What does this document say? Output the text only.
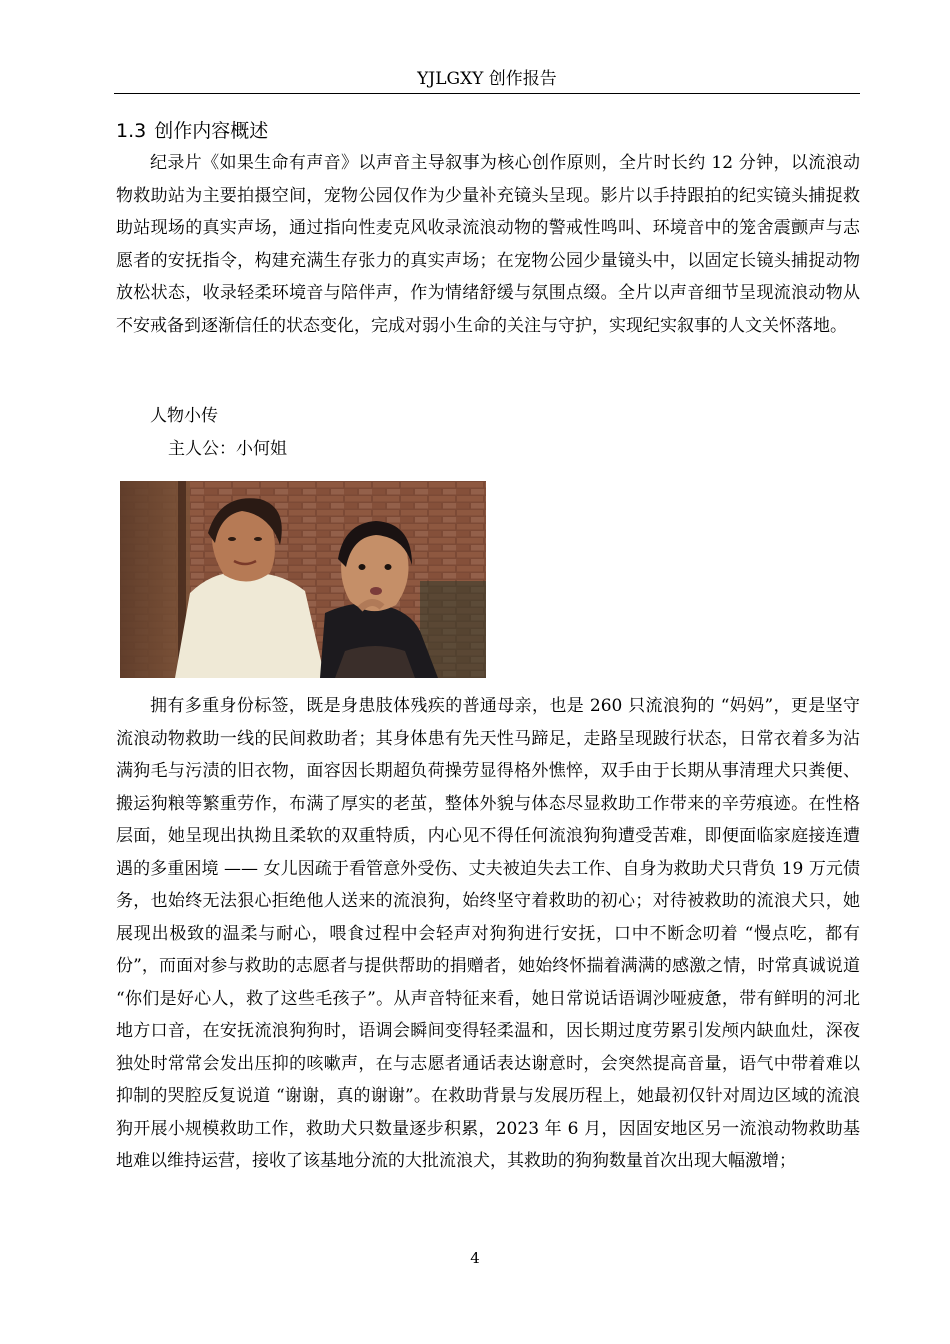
YJLGXY 创作报告
1.3 创作内容概述

纪录片《如果生命有声音》以声音主导叙事为核心创作原则，全片时长约 12 分钟，以流浪动物救助站为主要拍摄空间，宠物公园仅作为少量补充镜头呈现。影片以手持跟拍的纪实镜头捕捉救助站现场的真实声场，通过指向性麦克风收录流浪动物的警戒性鸣叫、环境音中的笼舍震颤声与志愿者的安抚指令，构建充满生存张力的真实声场；在宠物公园少量镜头中，以固定长镜头捕捉动物放松状态，收录轻柔环境音与陪伴声，作为情绪舒缓与氛围点缀。全片以声音细节呈现流浪动物从不安戒备到逐渐信任的状态变化，完成对弱小生命的关注与守护，实现纪实叙事的人文关怀落地。

人物小传
主人公：小何姐

拥有多重身份标签，既是身患肢体残疾的普通母亲，也是 260 只流浪狗的 “妈妈”，更是坚守流浪动物救助一线的民间救助者；其身体患有先天性马蹄足，走路呈现跛行状态，日常衣着多为沾满狗毛与污渍的旧衣物，面容因长期超负荷操劳显得格外憔悴，双手由于长期从事清理犬只粪便、搬运狗粮等繁重劳作，布满了厚实的老茧，整体外貌与体态尽显救助工作带来的辛劳痕迹。在性格层面，她呈现出执拗且柔软的双重特质，内心见不得任何流浪狗狗遭受苦难，即便面临家庭接连遭遇的多重困境 —— 女儿因疏于看管意外受伤、丈夫被迫失去工作、自身为救助犬只背负 19 万元债务，也始终无法狠心拒绝他人送来的流浪狗，始终坚守着救助的初心；对待被救助的流浪犬只，她展现出极致的温柔与耐心，喂食过程中会轻声对狗狗进行安抚，口中不断念叨着 “慢点吃，都有份”，而面对参与救助的志愿者与提供帮助的捐赠者，她始终怀揣着满满的感激之情，时常真诚说道 “你们是好心人，救了这些毛孩子”。从声音特征来看，她日常说话语调沙哑疲惫，带有鲜明的河北地方口音，在安抚流浪狗狗时，语调会瞬间变得轻柔温和，因长期过度劳累引发颅内缺血灶，深夜独处时常常会发出压抑的咳嗽声，在与志愿者通话表达谢意时，会突然提高音量，语气中带着难以抑制的哭腔反复说道 “谢谢，真的谢谢”。在救助背景与发展历程上，她最初仅针对周边区域的流浪狗开展小规模救助工作，救助犬只数量逐步积累，2023 年 6 月，因固安地区另一流浪动物救助基地难以维持运营，接收了该基地分流的大批流浪犬，其救助的狗狗数量首次出现大幅激增；

4
